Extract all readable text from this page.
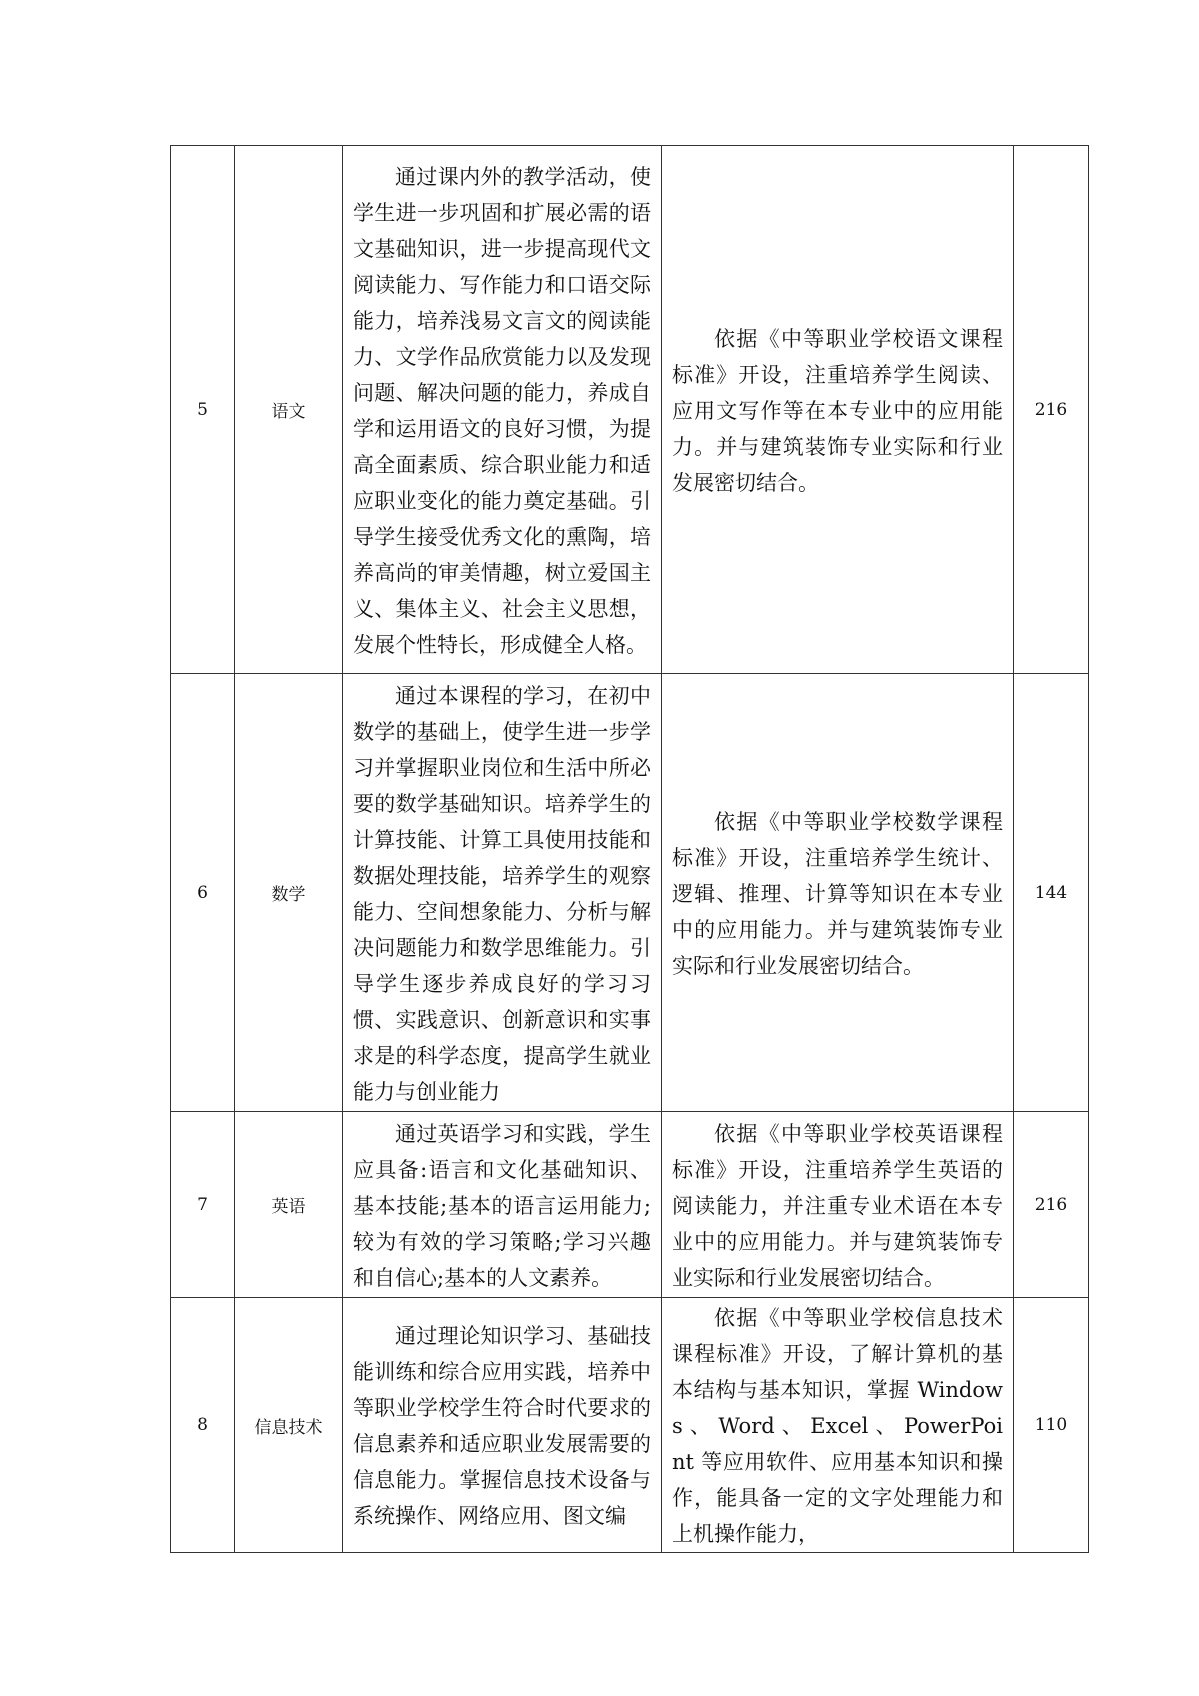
5	语文	通过课内外的教学活动，使学生进一步巩固和扩展必需的语文基础知识，进一步提高现代文阅读能力、写作能力和口语交际能力，培养浅易文言文的阅读能力、文学作品欣赏能力以及发现问题、解决问题的能力，养成自学和运用语文的良好习惯，为提高全面素质、综合职业能力和适应职业变化的能力奠定基础。引导学生接受优秀文化的熏陶，培养高尚的审美情趣，树立爱国主义、集体主义、社会主义思想，发展个性特长，形成健全人格。	依据《中等职业学校语文课程标准》开设，注重培养学生阅读、应用文写作等在本专业中的应用能力。并与建筑装饰专业实际和行业发展密切结合。	216
6	数学	通过本课程的学习，在初中数学的基础上，使学生进一步学习并掌握职业岗位和生活中所必要的数学基础知识。培养学生的计算技能、计算工具使用技能和数据处理技能，培养学生的观察能力、空间想象能力、分析与解决问题能力和数学思维能力。引导学生逐步养成良好的学习习惯、实践意识、创新意识和实事求是的科学态度，提高学生就业能力与创业能力	依据《中等职业学校数学课程标准》开设，注重培养学生统计、逻辑、推理、计算等知识在本专业中的应用能力。并与建筑装饰专业实际和行业发展密切结合。	144
7	英语	通过英语学习和实践，学生应具备:语言和文化基础知识、基本技能;基本的语言运用能力;较为有效的学习策略;学习兴趣和自信心;基本的人文素养。	依据《中等职业学校英语课程标准》开设，注重培养学生英语的阅读能力，并注重专业术语在本专业中的应用能力。并与建筑装饰专业实际和行业发展密切结合。	216
8	信息技术	通过理论知识学习、基础技能训练和综合应用实践，培养中等职业学校学生符合时代要求的信息素养和适应职业发展需要的信息能力。掌握信息技术设备与系统操作、网络应用、图文编	依据《中等职业学校信息技术课程标准》开设，了解计算机的基本结构与基本知识，掌握 Windows 、 Word 、 Excel 、 PowerPoint 等应用软件、应用基本知识和操作，能具备一定的文字处理能力和上机操作能力，	110
